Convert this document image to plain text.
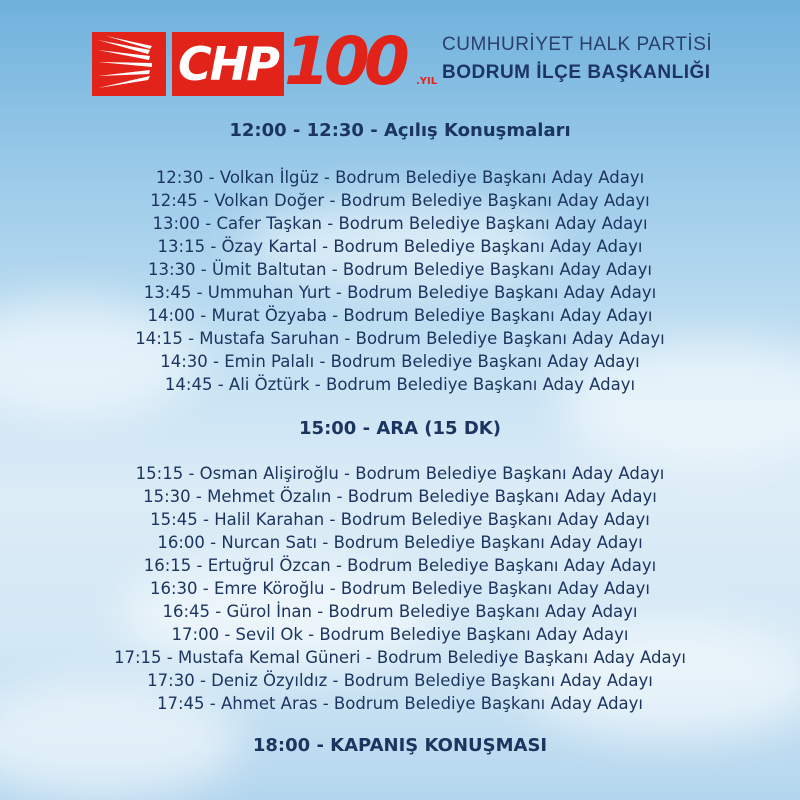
CHP 100 .YIL
CUMHURİYET HALK PARTİSİ
BODRUM İLÇE BAŞKANLIĞI

12:00 - 12:30 - Açılış Konuşmaları

12:30 - Volkan İlgüz - Bodrum Belediye Başkanı Aday Adayı
12:45 - Volkan Doğer - Bodrum Belediye Başkanı Aday Adayı
13:00 - Cafer Taşkan - Bodrum Belediye Başkanı Aday Adayı
13:15 - Özay Kartal - Bodrum Belediye Başkanı Aday Adayı
13:30 - Ümit Baltutan - Bodrum Belediye Başkanı Aday Adayı
13:45 - Ummuhan Yurt - Bodrum Belediye Başkanı Aday Adayı
14:00 - Murat Özyaba - Bodrum Belediye Başkanı Aday Adayı
14:15 - Mustafa Saruhan - Bodrum Belediye Başkanı Aday Adayı
14:30 - Emin Palalı - Bodrum Belediye Başkanı Aday Adayı
14:45 - Ali Öztürk - Bodrum Belediye Başkanı Aday Adayı

15:00 - ARA (15 DK)

15:15 - Osman Alişiroğlu - Bodrum Belediye Başkanı Aday Adayı
15:30 - Mehmet Özalın - Bodrum Belediye Başkanı Aday Adayı
15:45 - Halil Karahan - Bodrum Belediye Başkanı Aday Adayı
16:00 - Nurcan Satı - Bodrum Belediye Başkanı Aday Adayı
16:15 - Ertuğrul Özcan - Bodrum Belediye Başkanı Aday Adayı
16:30 - Emre Köroğlu - Bodrum Belediye Başkanı Aday Adayı
16:45 - Gürol İnan - Bodrum Belediye Başkanı Aday Adayı
17:00 - Sevil Ok - Bodrum Belediye Başkanı Aday Adayı
17:15 - Mustafa Kemal Güneri - Bodrum Belediye Başkanı Aday Adayı
17:30 - Deniz Özyıldız - Bodrum Belediye Başkanı Aday Adayı
17:45 - Ahmet Aras - Bodrum Belediye Başkanı Aday Adayı

18:00 - KAPANIŞ KONUŞMASI
